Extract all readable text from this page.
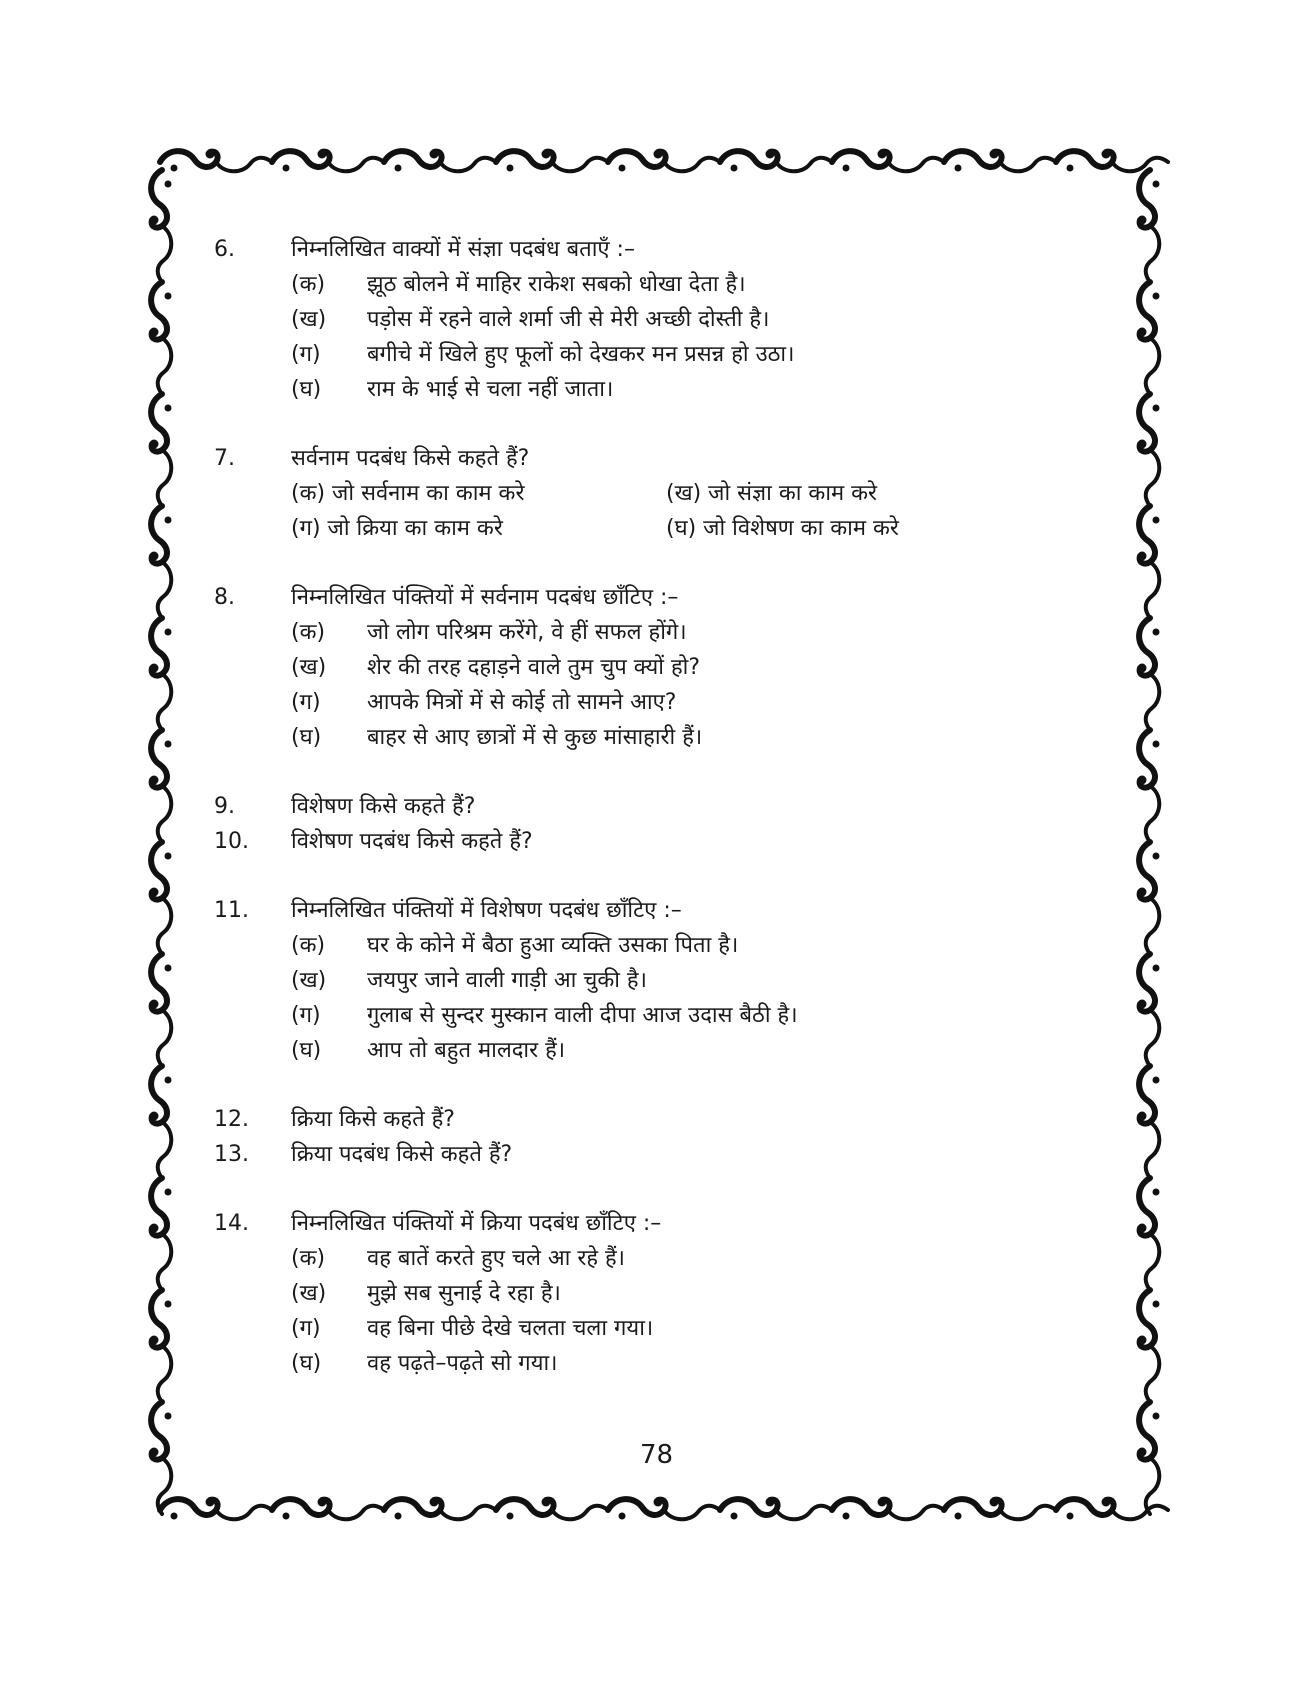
6.	निम्नलिखित वाक्यों में संज्ञा पदबंध बताएँ :–
(क)	झूठ बोलने में माहिर राकेश सबको धोखा देता है।
(ख)	पड़ोस में रहने वाले शर्मा जी से मेरी अच्छी दोस्ती है।
(ग)	बगीचे में खिले हुए फूलों को देखकर मन प्रसन्न हो उठा।
(घ)	राम के भाई से चला नहीं जाता।
7.	सर्वनाम पदबंध किसे कहते हैं?
(क) जो सर्वनाम का काम करे	(ख) जो संज्ञा का काम करे
(ग) जो क्रिया का काम करे	(घ) जो विशेषण का काम करे
8.	निम्नलिखित पंक्तियों में सर्वनाम पदबंध छाँटिए :–
(क)	जो लोग परिश्रम करेंगे, वे हीं सफल होंगे।
(ख)	शेर की तरह दहाड़ने वाले तुम चुप क्यों हो?
(ग)	आपके मित्रों में से कोई तो सामने आए?
(घ)	बाहर से आए छात्रों में से कुछ मांसाहारी हैं।
9.	विशेषण किसे कहते हैं?
10.	विशेषण पदबंध किसे कहते हैं?
11.	निम्नलिखित पंक्तियों में विशेषण पदबंध छाँटिए :–
(क)	घर के कोने में बैठा हुआ व्यक्ति उसका पिता है।
(ख)	जयपुर जाने वाली गाड़ी आ चुकी है।
(ग)	गुलाब से सुन्दर मुस्कान वाली दीपा आज उदास बैठी है।
(घ)	आप तो बहुत मालदार हैं।
12.	क्रिया किसे कहते हैं?
13.	क्रिया पदबंध किसे कहते हैं?
14.	निम्नलिखित पंक्तियों में क्रिया पदबंध छाँटिए :–
(क)	वह बातें करते हुए चले आ रहे हैं।
(ख)	मुझे सब सुनाई दे रहा है।
(ग)	वह बिना पीछे देखे चलता चला गया।
(घ)	वह पढ़ते–पढ़ते सो गया।
78
